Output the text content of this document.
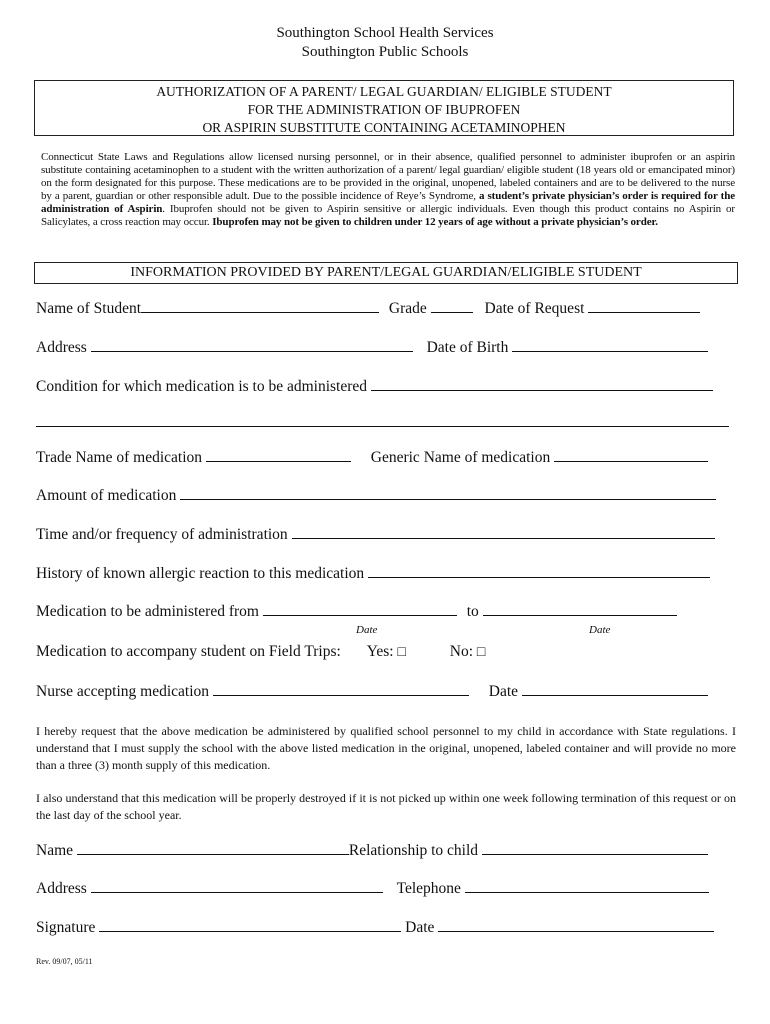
Southington School Health Services
Southington Public Schools
AUTHORIZATION OF A PARENT/ LEGAL GUARDIAN/ ELIGIBLE STUDENT
FOR THE ADMINISTRATION OF IBUPROFEN
OR ASPIRIN SUBSTITUTE CONTAINING ACETAMINOPHEN
Connecticut State Laws and Regulations allow licensed nursing personnel, or in their absence, qualified personnel to administer ibuprofen or an aspirin substitute containing acetaminophen to a student with the written authorization of a parent/ legal guardian/ eligible student (18 years old or emancipated minor) on the form designated for this purpose. These medications are to be provided in the original, unopened, labeled containers and are to be delivered to the nurse by a parent, guardian or other responsible adult. Due to the possible incidence of Reye’s Syndrome, a student’s private physician’s order is required for the administration of Aspirin. Ibuprofen should not be given to Aspirin sensitive or allergic individuals. Even though this product contains no Aspirin or Salicylates, a cross reaction may occur. Ibuprofen may not be given to children under 12 years of age without a private physician’s order.
INFORMATION PROVIDED BY PARENT/LEGAL GUARDIAN/ELIGIBLE STUDENT
Name of Student	Grade	Date of Request
Address	Date of Birth
Condition for which medication is to be administered
Trade Name of medication	Generic Name of medication
Amount of medication
Time and/or frequency of administration
History of known allergic reaction to this medication
Medication to be administered from	to
Date	Date
Medication to accompany student on Field Trips: Yes: □	No: □
Nurse accepting medication	Date
I hereby request that the above medication be administered by qualified school personnel to my child in accordance with State regulations. I understand that I must supply the school with the above listed medication in the original, unopened, labeled container and will provide no more than a three (3) month supply of this medication.
I also understand that this medication will be properly destroyed if it is not picked up within one week following termination of this request or on the last day of the school year.
Name	Relationship to child
Address	Telephone
Signature	Date
Rev. 09/07, 05/11
